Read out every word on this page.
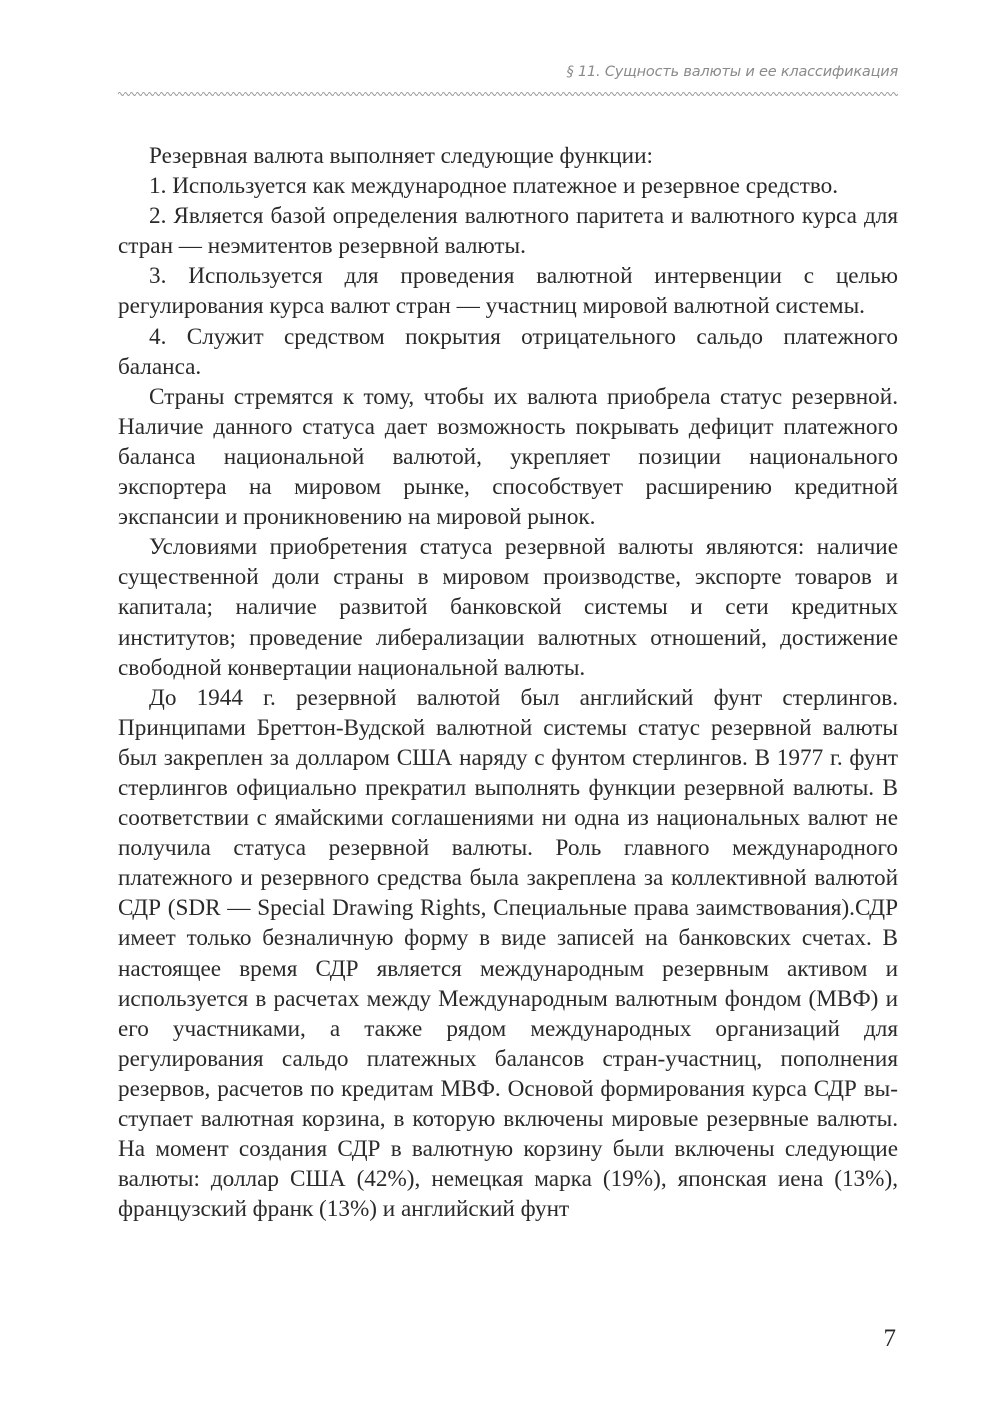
§ 11. Сущность валюты и ее классификация

Резервная валюта выполняет следующие функции:

1. Используется как международное платежное и резервное средство.

2. Является базой определения валютного паритета и валютного курса для стран — неэмитентов резервной валюты.

3. Используется для проведения валютной интервенции с целью регулирования курса валют стран — участниц мировой валютной системы.

4. Служит средством покрытия отрицательного сальдо платежного баланса.

Страны стремятся к тому, чтобы их валюта приобрела статус резервной. Наличие данного статуса дает возможность покрывать дефицит платежного баланса национальной валютой, укрепляет позиции национального экспортера на мировом рынке, способствует расширению кредитной экспансии и проникновению на мировой рынок.

Условиями приобретения статуса резервной валюты являются: наличие существенной доли страны в мировом производстве, экспорте товаров и капитала; наличие развитой банковской системы и сети кредитных институтов; проведение либерализации валютных отношений, достижение свободной конвертации национальной валюты.

До 1944 г. резервной валютой был английский фунт стерлингов. Принципами Бреттон-Вудской валютной системы статус резервной валюты был закреплен за долларом США наряду с фунтом стерлингов. В 1977 г. фунт стерлингов официально прекратил выполнять функции резервной валюты. В соответствии с ямайскими соглашениями ни одна из национальных валют не получила статуса резервной валюты. Роль главного международного платежного и резервного средства была закреплена за коллективной валютой СДР (SDR — Special Drawing Rights, Специальные права заимствования).СДР имеет только безналичную форму в виде записей на банковских счетах. В настоящее время СДР является международным резервным активом и используется в расчетах между Международным валютным фондом (МВФ) и его участниками, а также рядом международных организаций для регулирования сальдо платежных балансов стран-участниц, пополнения резервов, расчетов по кредитам МВФ. Основой формирования курса СДР выступает валютная корзина, в которую включены мировые резервные валюты. На момент создания СДР в валютную корзину были включены следующие валюты: доллар США (42%), немецкая марка (19%), японская иена (13%), французский франк (13%) и английский фунт

7
